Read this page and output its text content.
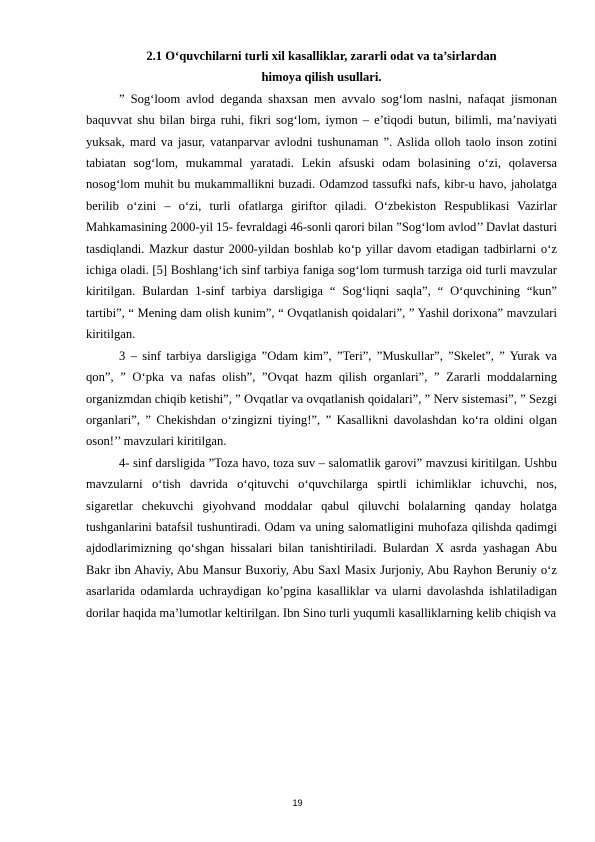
2.1 O‘quvchilarni turli xil kasalliklar, zararli odat va ta’sirlardan
himoya qilish usullari.

” Sog‘loom avlod deganda shaxsan men avvalo sog‘lom naslni, nafaqat jismonan baquvvat shu bilan birga ruhi, fikri sog‘lom, iymon – e’tiqodi butun, bilimli, ma’naviyati yuksak, mard va jasur, vatanparvar avlodni tushunaman ”. Aslida olloh taolo inson zotini tabiatan sog‘lom, mukammal yaratadi. Lekin afsuski odam bolasining o‘zi, qolaversa nosog‘lom muhit bu mukammallikni buzadi. Odamzod tassufki nafs, kibr-u havo, jaholatga berilib o‘zini – o‘zi, turli ofatlarga giriftor qiladi. O‘zbekiston Respublikasi Vazirlar Mahkamasining 2000-yil 15- fevraldagi 46-sonli qarori bilan ”Sog‘lom avlod’’ Davlat dasturi tasdiqlandi. Mazkur dastur 2000-yildan boshlab ko‘p yillar davom etadigan tadbirlarni o‘z ichiga oladi. [5] Boshlang‘ich sinf tarbiya faniga sog‘lom turmush tarziga oid turli mavzular kiritilgan. Bulardan 1-sinf tarbiya darsligiga “ Sog‘liqni saqla”, “ O‘quvchining “kun” tartibi”, “ Mening dam olish kunim”, “ Ovqatlanish qoidalari”, ” Yashil dorixona” mavzulari kiritilgan.

3 – sinf tarbiya darsligiga ”Odam kim”, ”Teri”, ”Muskullar”, ”Skelet”, ” Yurak va qon”, ” O‘pka va nafas olish”, ”Ovqat hazm qilish organlari”, ” Zararli moddalarning organizmdan chiqib ketishi”, ” Ovqatlar va ovqatlanish qoidalari”, ” Nerv sistemasi”, ” Sezgi organlari”, ” Chekishdan o‘zingizni tiying!”, ” Kasallikni davolashdan ko‘ra oldini olgan oson!’’ mavzulari kiritilgan.

4- sinf darsligida ”Toza havo, toza suv – salomatlik garovi” mavzusi kiritilgan. Ushbu mavzularni o‘tish davrida o‘qituvchi o‘quvchilarga spirtli ichimliklar ichuvchi, nos, sigaretlar chekuvchi giyohvand moddalar qabul qiluvchi bolalarning qanday holatga tushganlarini batafsil tushuntiradi. Odam va uning salomatligini muhofaza qilishda qadimgi ajdodlarimizning qo‘shgan hissalari bilan tanishtiriladi. Bulardan X asrda yashagan Abu Bakr ibn Ahaviy, Abu Mansur Buxoriy, Abu Saxl Masix Jurjoniy, Abu Rayhon Beruniy o‘z asarlarida odamlarda uchraydigan ko’pgina kasalliklar va ularni davolashda ishlatiladigan dorilar haqida ma’lumotlar keltirilgan. Ibn Sino turli yuqumli kasalliklarning kelib chiqish va

19
